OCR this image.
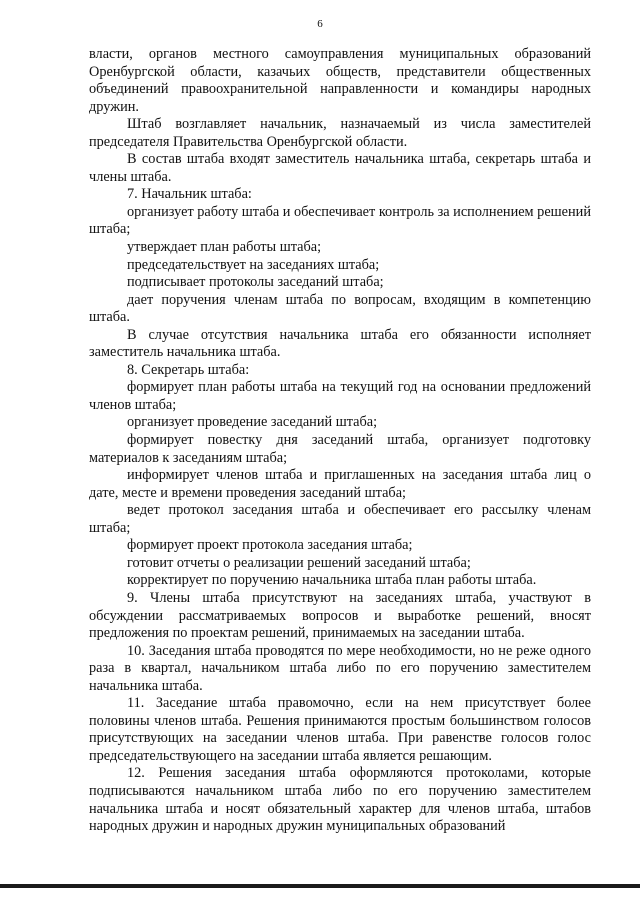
6

власти, органов местного самоуправления муниципальных образований Оренбургской области, казачьих обществ, представители общественных объединений правоохранительной направленности и командиры народных дружин.

Штаб возглавляет начальник, назначаемый из числа заместителей председателя Правительства Оренбургской области.

В состав штаба входят заместитель начальника штаба, секретарь штаба и члены штаба.

7. Начальник штаба:

организует работу штаба и обеспечивает контроль за исполнением решений штаба;

утверждает план работы штаба;

председательствует на заседаниях штаба;

подписывает протоколы заседаний штаба;

дает поручения членам штаба по вопросам, входящим в компетенцию штаба.

В случае отсутствия начальника штаба его обязанности исполняет заместитель начальника штаба.

8. Секретарь штаба:

формирует план работы штаба на текущий год на основании предложений членов штаба;

организует проведение заседаний штаба;

формирует повестку дня заседаний штаба, организует подготовку материалов к заседаниям штаба;

информирует членов штаба и приглашенных на заседания штаба лиц о дате, месте и времени проведения заседаний штаба;

ведет протокол заседания штаба и обеспечивает его рассылку членам штаба;

формирует проект протокола заседания штаба;

готовит отчеты о реализации решений заседаний штаба;

корректирует по поручению начальника штаба план работы штаба.

9. Члены штаба присутствуют на заседаниях штаба, участвуют в обсуждении рассматриваемых вопросов и выработке решений, вносят предложения по проектам решений, принимаемых на заседании штаба.

10. Заседания штаба проводятся по мере необходимости, но не реже одного раза в квартал, начальником штаба либо по его поручению заместителем начальника штаба.

11. Заседание штаба правомочно, если на нем присутствует более половины членов штаба. Решения принимаются простым большинством голосов присутствующих на заседании членов штаба. При равенстве голосов голос председательствующего на заседании штаба является решающим.

12. Решения заседания штаба оформляются протоколами, которые подписываются начальником штаба либо по его поручению заместителем начальника штаба и носят обязательный характер для членов штаба, штабов народных дружин и народных дружин муниципальных образований
